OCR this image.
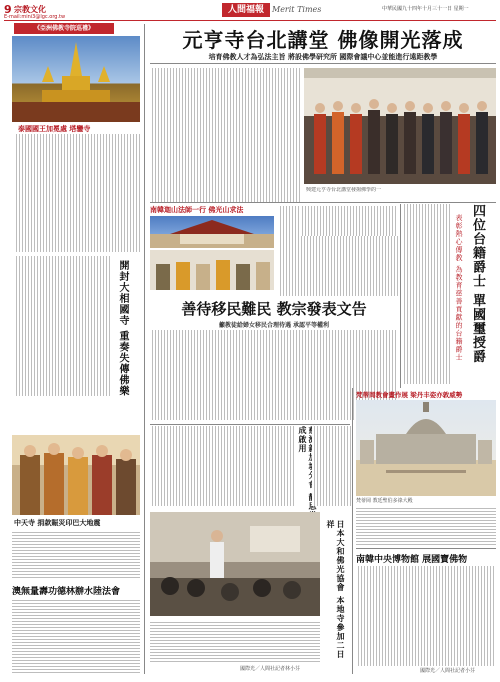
9 宗教文化
E-mail:mini3@lgc.org.tw
人間福報	Merit Times	中華民國九十四年十月三十一日 星期一
《亞洲佛教寺院巡禮》
泰國國王加冕處 塔鑾寺
開封大相國寺 重奏失傳佛樂
中天寺 捐款賑災印巴大地震
澳無量壽功德林辦水陸法會
元亨寺台北講堂 佛像開光落成
培育佛教人才為弘法主旨 將設佛學研究所 國際會議中心並能進行遠距教學
興建元亨寺台北講堂發揚佛學的一
南韓迦山法師一行 佛光山求法	四位台籍爵士 單國璽授爵
表彰熱心傳教 為教育慈善貢獻的台籍爵士
善待移民難民 教宗發表文告
籲教徒給婦女移民合理待遇 承認平等權利
梵蒂岡教會畫作展 梁丹丰姿亦敦威勢
梵蒂岡 教廷聖伯多祿大殿
靜思堂落成啟用
日本大和佛光協會 本地寺參加二日祥
國際光／人間社記者林小芬
南韓中央博物館 展國寶佛物
國際光／人間社記者小芬
